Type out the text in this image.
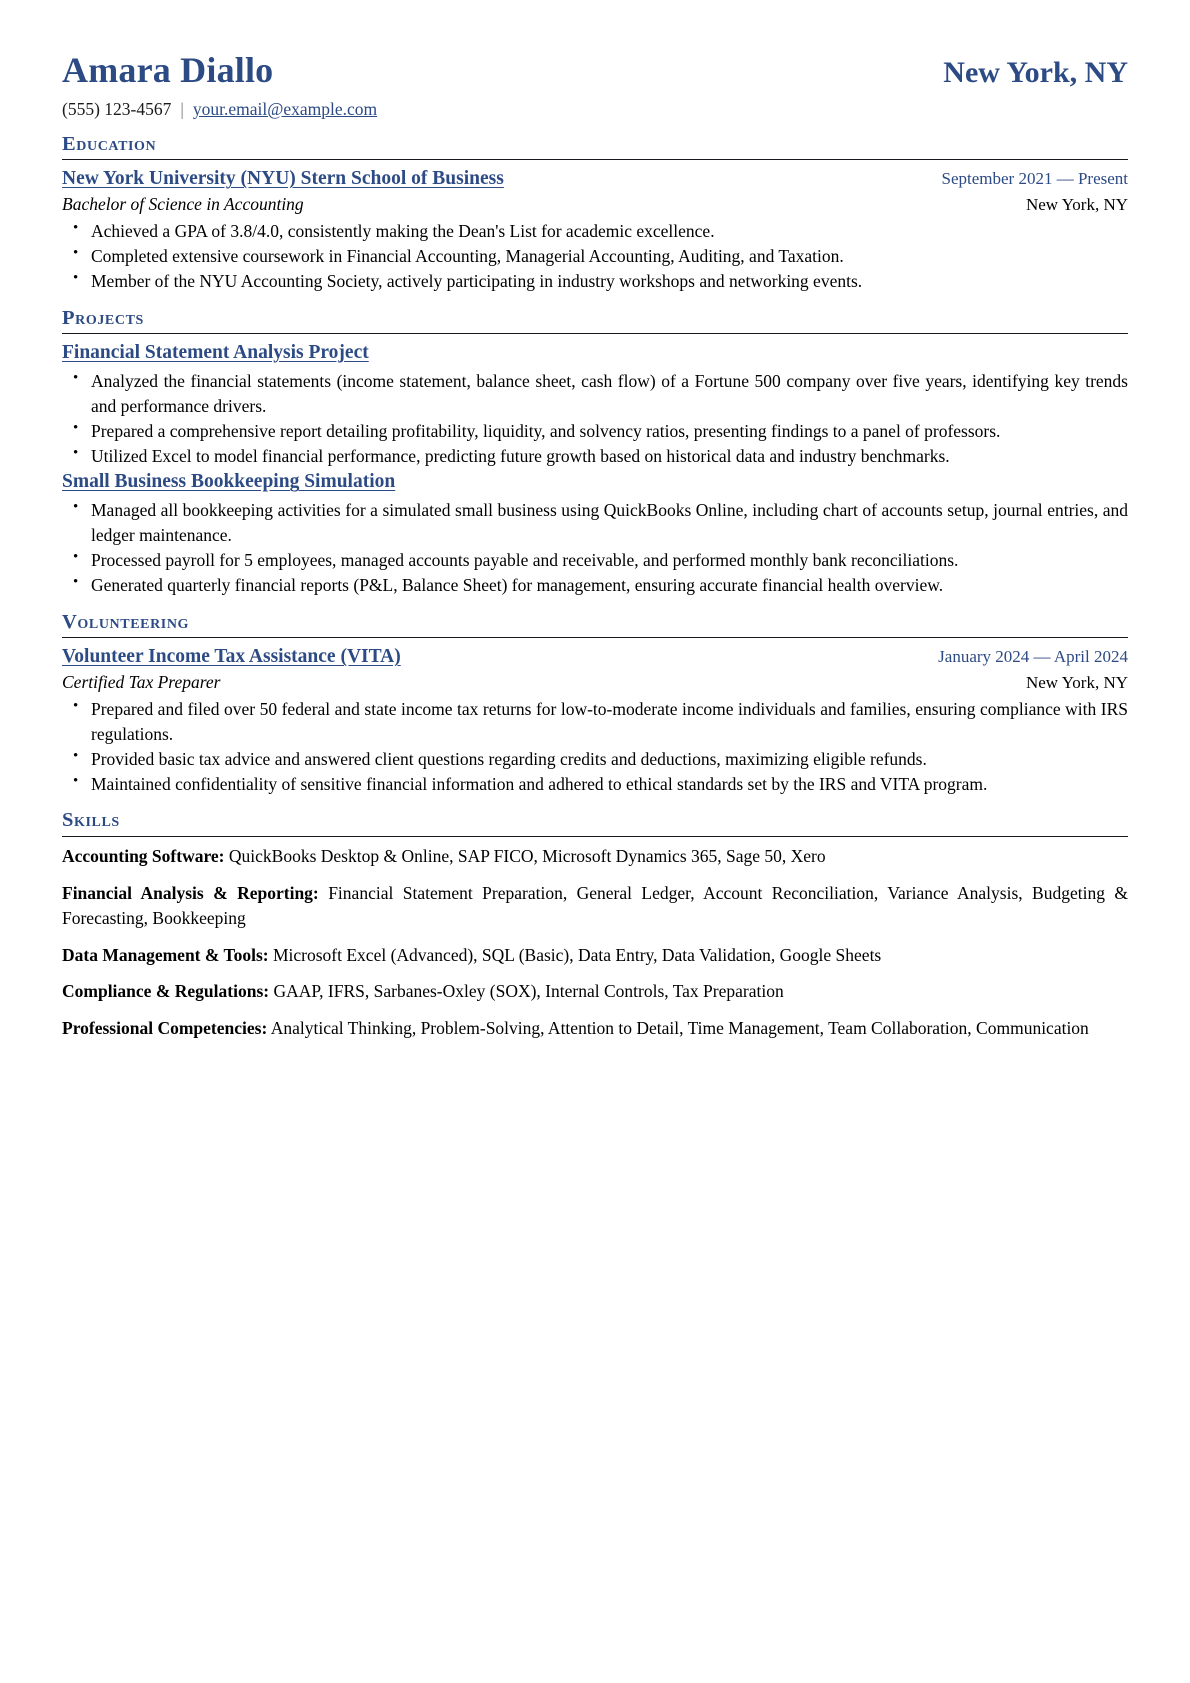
Amara Diallo	New York, NY
(555) 123-4567 | your.email@example.com
Education
New York University (NYU) Stern School of Business	September 2021 — Present
Bachelor of Science in Accounting	New York, NY
• Achieved a GPA of 3.8/4.0, consistently making the Dean's List for academic excellence.
• Completed extensive coursework in Financial Accounting, Managerial Accounting, Auditing, and Taxation.
• Member of the NYU Accounting Society, actively participating in industry workshops and networking events.
Projects
Financial Statement Analysis Project
• Analyzed the financial statements (income statement, balance sheet, cash flow) of a Fortune 500 company over five years, identifying key trends and performance drivers.
• Prepared a comprehensive report detailing profitability, liquidity, and solvency ratios, presenting findings to a panel of professors.
• Utilized Excel to model financial performance, predicting future growth based on historical data and industry benchmarks.
Small Business Bookkeeping Simulation
• Managed all bookkeeping activities for a simulated small business using QuickBooks Online, including chart of accounts setup, journal entries, and ledger maintenance.
• Processed payroll for 5 employees, managed accounts payable and receivable, and performed monthly bank reconciliations.
• Generated quarterly financial reports (P&L, Balance Sheet) for management, ensuring accurate financial health overview.
Volunteering
Volunteer Income Tax Assistance (VITA)	January 2024 — April 2024
Certified Tax Preparer	New York, NY
• Prepared and filed over 50 federal and state income tax returns for low-to-moderate income individuals and families, ensuring compliance with IRS regulations.
• Provided basic tax advice and answered client questions regarding credits and deductions, maximizing eligible refunds.
• Maintained confidentiality of sensitive financial information and adhered to ethical standards set by the IRS and VITA program.
Skills

Accounting Software: QuickBooks Desktop & Online, SAP FICO, Microsoft Dynamics 365, Sage 50, Xero

Financial Analysis & Reporting: Financial Statement Preparation, General Ledger, Account Reconciliation, Variance Analysis, Budgeting & Forecasting, Bookkeeping

Data Management & Tools: Microsoft Excel (Advanced), SQL (Basic), Data Entry, Data Validation, Google Sheets

Compliance & Regulations: GAAP, IFRS, Sarbanes-Oxley (SOX), Internal Controls, Tax Preparation

Professional Competencies: Analytical Thinking, Problem-Solving, Attention to Detail, Time Management, Team Collaboration, Communication
